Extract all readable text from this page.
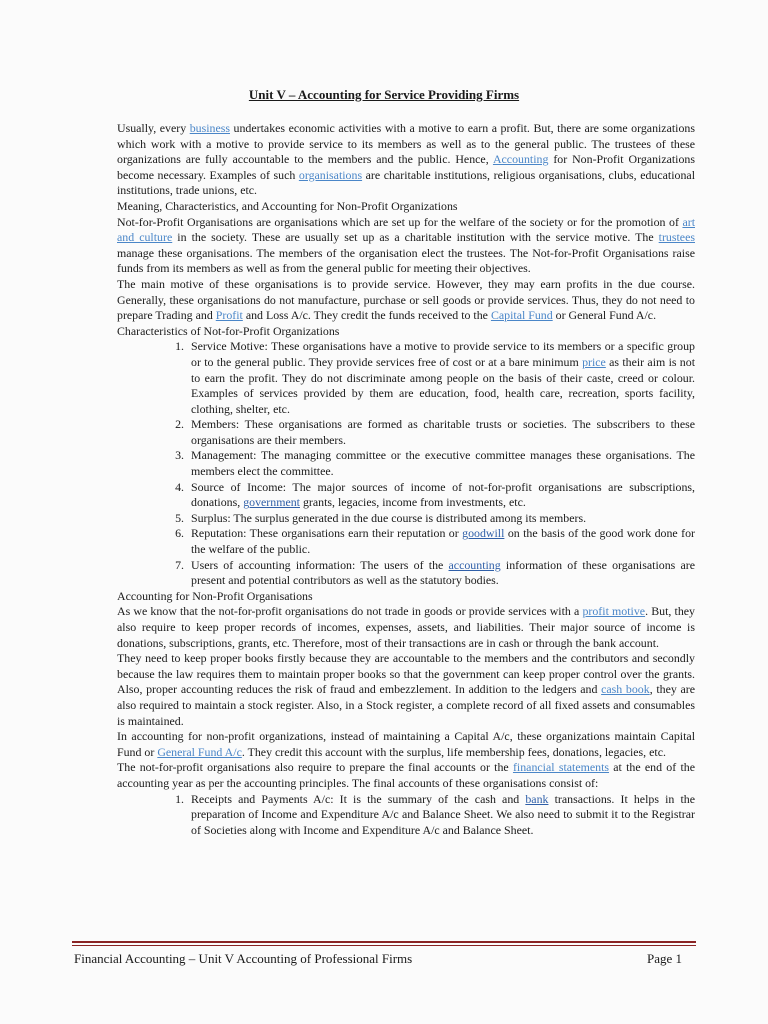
Unit V – Accounting for Service Providing Firms

Usually, every business undertakes economic activities with a motive to earn a profit. But, there are some organizations which work with a motive to provide service to its members as well as to the general public. The trustees of these organizations are fully accountable to the members and the public. Hence, Accounting for Non-Profit Organizations become necessary. Examples of such organisations are charitable institutions, religious organisations, clubs, educational institutions, trade unions, etc.

Meaning, Characteristics, and Accounting for Non-Profit Organizations

Not-for-Profit Organisations are organisations which are set up for the welfare of the society or for the promotion of art and culture in the society. These are usually set up as a charitable institution with the service motive. The trustees manage these organisations. The members of the organisation elect the trustees. The Not-for-Profit Organisations raise funds from its members as well as from the general public for meeting their objectives.

The main motive of these organisations is to provide service. However, they may earn profits in the due course. Generally, these organisations do not manufacture, purchase or sell goods or provide services. Thus, they do not need to prepare Trading and Profit and Loss A/c. They credit the funds received to the Capital Fund or General Fund A/c.

Characteristics of Not-for-Profit Organizations

1. Service Motive: These organisations have a motive to provide service to its members or a specific group or to the general public. They provide services free of cost or at a bare minimum price as their aim is not to earn the profit. They do not discriminate among people on the basis of their caste, creed or colour. Examples of services provided by them are education, food, health care, recreation, sports facility, clothing, shelter, etc.
2. Members: These organisations are formed as charitable trusts or societies. The subscribers to these organisations are their members.
3. Management: The managing committee or the executive committee manages these organisations. The members elect the committee.
4. Source of Income: The major sources of income of not-for-profit organisations are subscriptions, donations, government grants, legacies, income from investments, etc.
5. Surplus: The surplus generated in the due course is distributed among its members.
6. Reputation: These organisations earn their reputation or goodwill on the basis of the good work done for the welfare of the public.
7. Users of accounting information: The users of the accounting information of these organisations are present and potential contributors as well as the statutory bodies.

Accounting for Non-Profit Organisations

As we know that the not-for-profit organisations do not trade in goods or provide services with a profit motive. But, they also require to keep proper records of incomes, expenses, assets, and liabilities. Their major source of income is donations, subscriptions, grants, etc. Therefore, most of their transactions are in cash or through the bank account.

They need to keep proper books firstly because they are accountable to the members and the contributors and secondly because the law requires them to maintain proper books so that the government can keep proper control over the grants. Also, proper accounting reduces the risk of fraud and embezzlement. In addition to the ledgers and cash book, they are also required to maintain a stock register. Also, in a Stock register, a complete record of all fixed assets and consumables is maintained.

In accounting for non-profit organizations, instead of maintaining a Capital A/c, these organizations maintain Capital Fund or General Fund A/c. They credit this account with the surplus, life membership fees, donations, legacies, etc.

The not-for-profit organisations also require to prepare the final accounts or the financial statements at the end of the accounting year as per the accounting principles. The final accounts of these organisations consist of:

1. Receipts and Payments A/c: It is the summary of the cash and bank transactions. It helps in the preparation of Income and Expenditure A/c and Balance Sheet. We also need to submit it to the Registrar of Societies along with Income and Expenditure A/c and Balance Sheet.
Financial Accounting – Unit V Accounting of Professional Firms	Page 1
